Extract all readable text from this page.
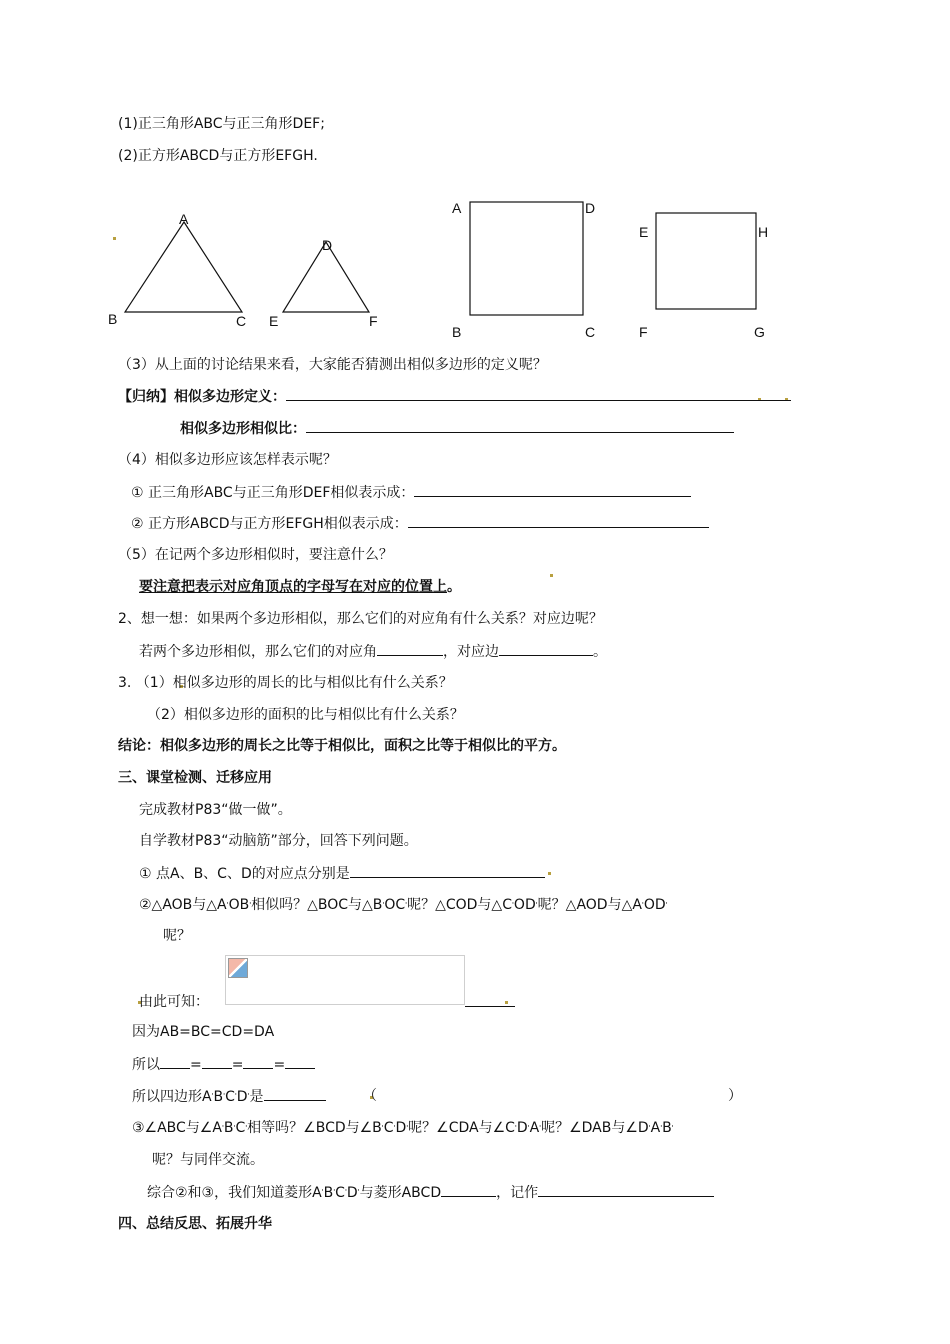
(1)正三角形ABC与正三角形DEF;
(2)正方形ABCD与正方形EFGH.
A
B	C
D
E	F
A	D
B	C
E	H
F	G
（3）从上面的讨论结果来看，大家能否猜测出相似多边形的定义呢？
【归纳】相似多边形定义：
相似多边形相似比：
（4）相似多边形应该怎样表示呢？
① 正三角形ABC与正三角形DEF相似表示成：
② 正方形ABCD与正方形EFGH相似表示成：
（5）在记两个多边形相似时，要注意什么？
要注意把表示对应角顶点的字母写在对应的位置上。
2、想一想：如果两个多边形相似，那么它们的对应角有什么关系？对应边呢？
若两个多边形相似，那么它们的对应角	，对应边	。
3. （1）相似多边形的周长的比与相似比有什么关系？
（2）相似多边形的面积的比与相似比有什么关系？
结论：相似多边形的周长之比等于相似比，面积之比等于相似比的平方。
三、课堂检测、迁移应用
完成教材P83“做一做”。
自学教材P83“动脑筋”部分，回答下列问题。
① 点A、B、C、D的对应点分别是
②△AOB与△A'OB'相似吗？△BOC与△B'OC'呢？△COD与△C'OD'呢？△AOD与△A'OD'
呢？
由此可知：
因为AB=BC=CD=DA
所以 = = =
所以四边形A'B'C'D'是	（	）
③∠ABC与∠A'B'C'相等吗？∠BCD与∠B'C'D'呢？∠CDA与∠C'D'A'呢？∠DAB与∠D'A'B'
呢？与同伴交流。
综合②和③，我们知道菱形A'B'C'D'与菱形ABCD	，记作
四、总结反思、拓展升华
